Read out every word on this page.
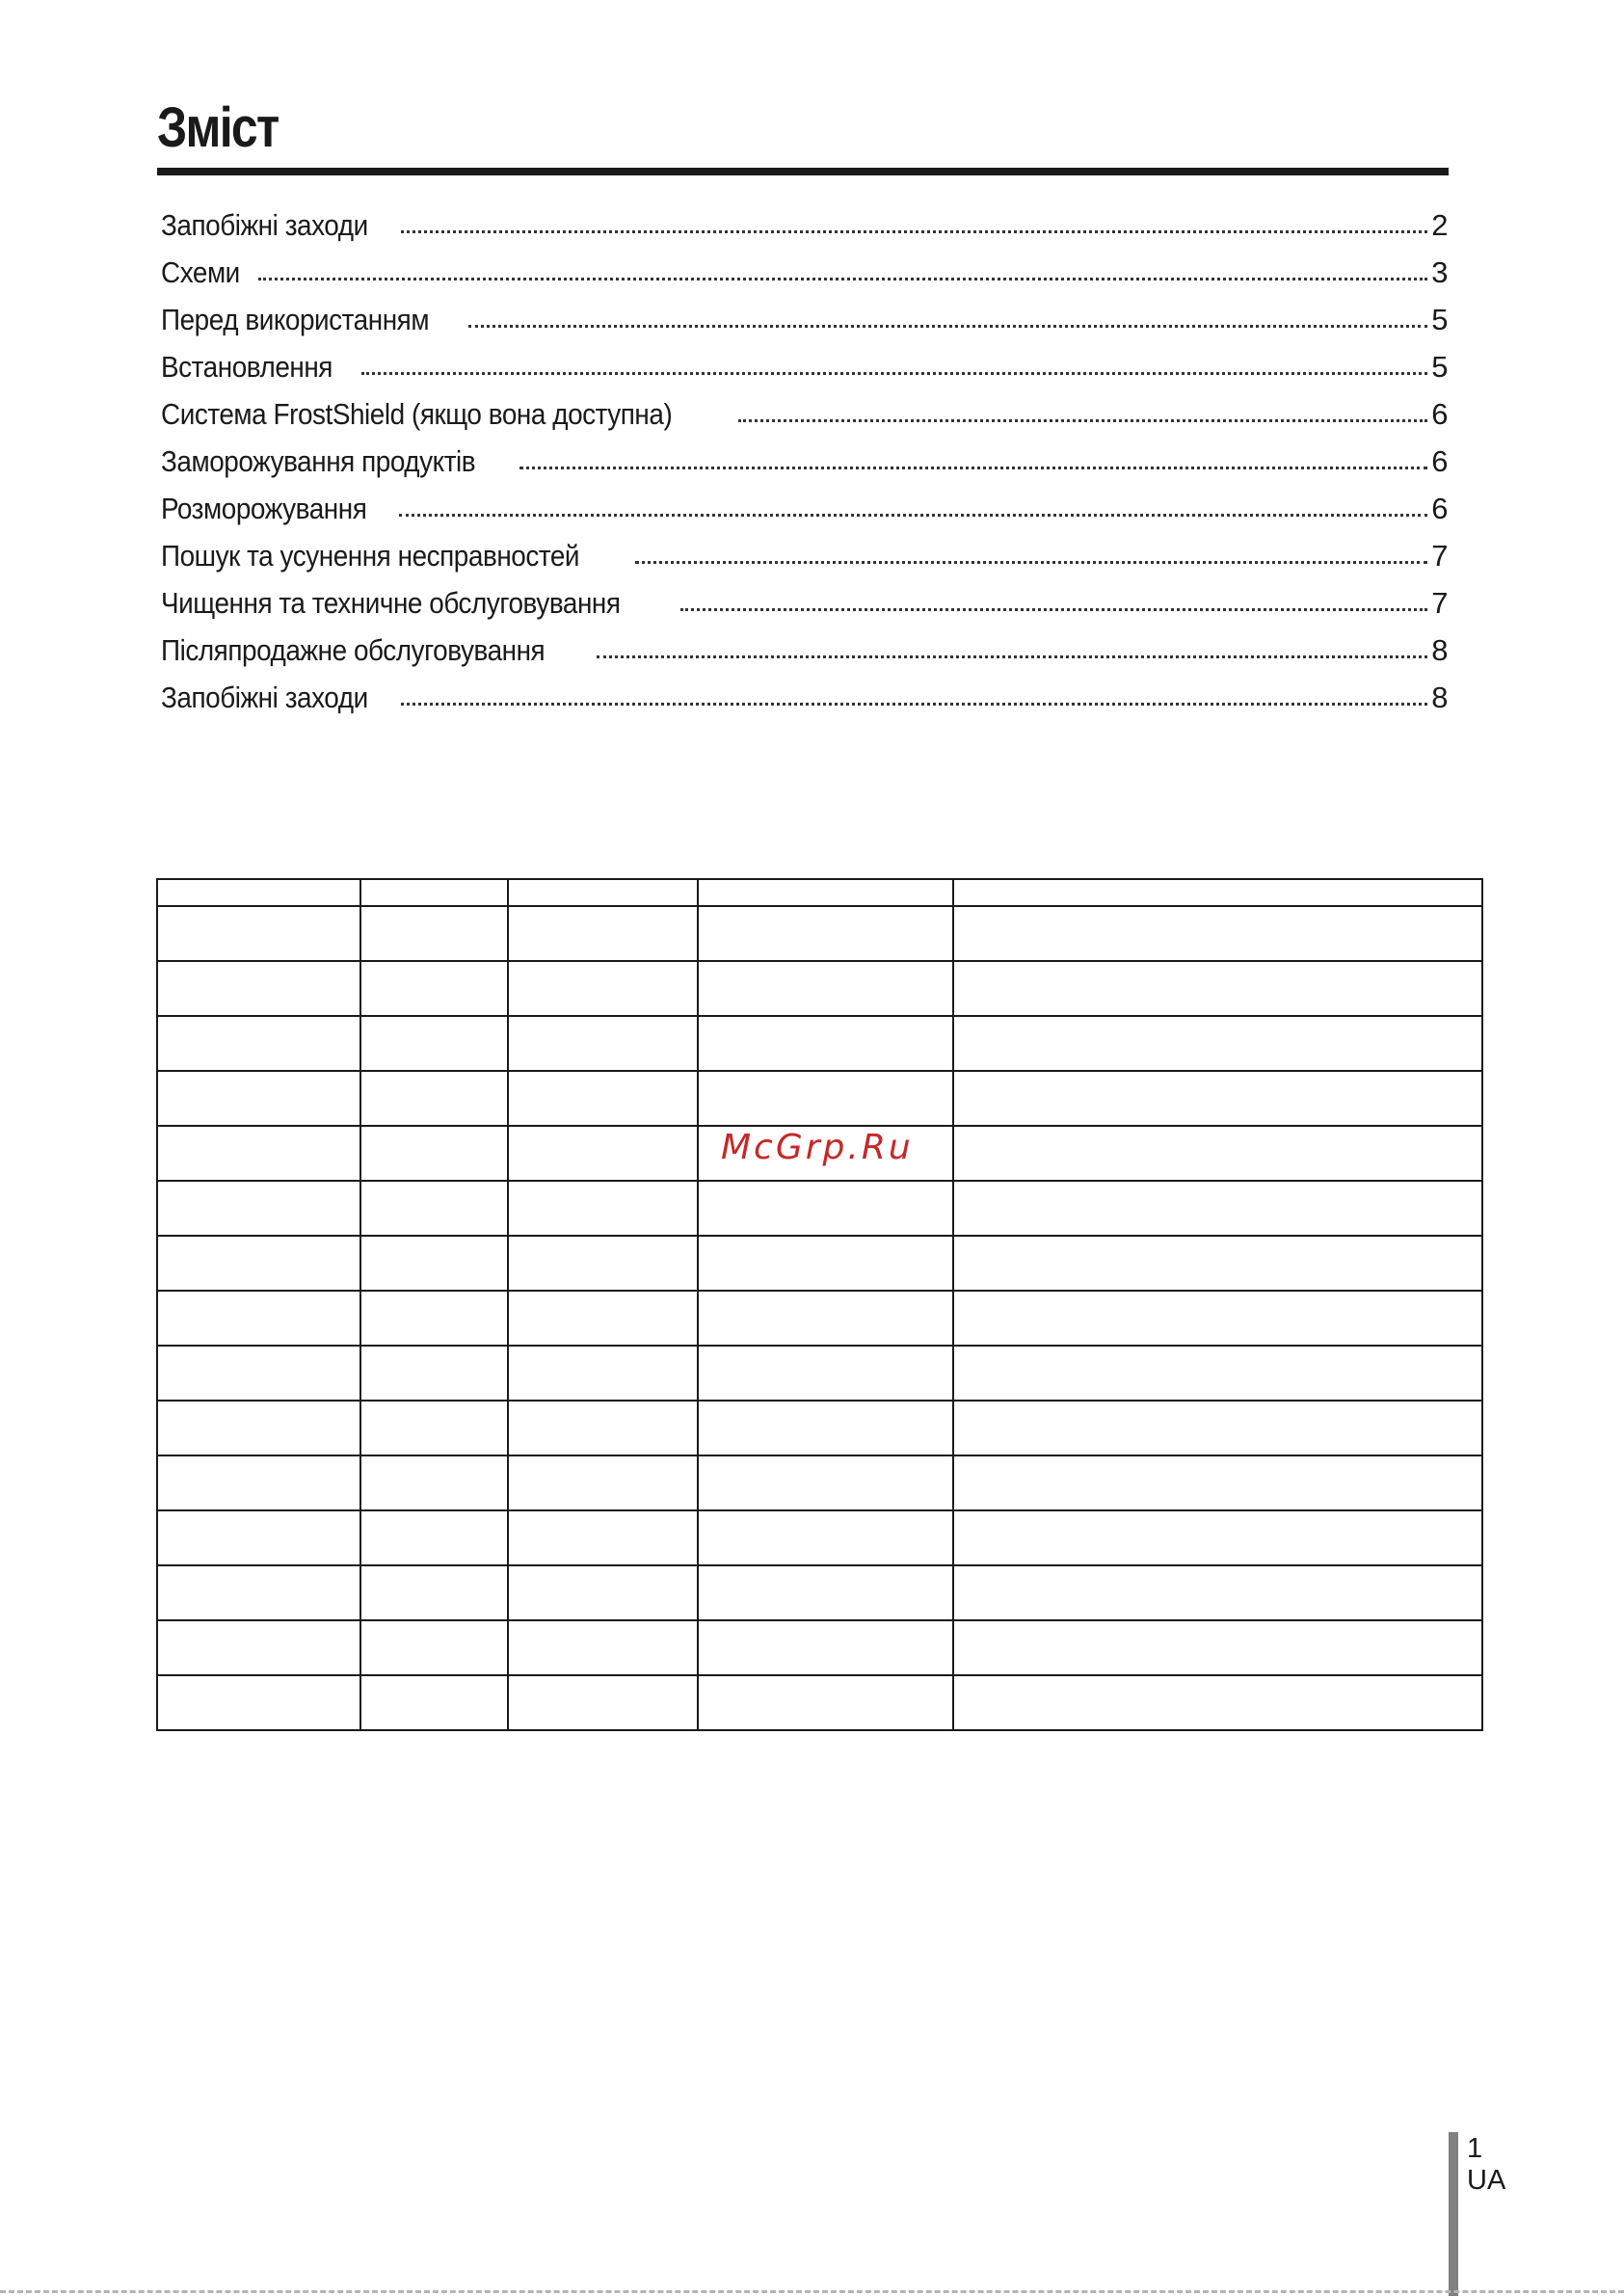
Зміст
Запобіжні заходи	2
Схеми	3
Перед використанням	5
Встановлення	5
Система FrostShield (якщо вона доступна)	6
Заморожування продуктів	6
Розморожування	6
Пошук та усунення несправностей	7
Чищення та техничне обслуговування	7
Післяпродажне обслуговування	8
Запобіжні заходи	8

McGrp.Ru
1
UA
